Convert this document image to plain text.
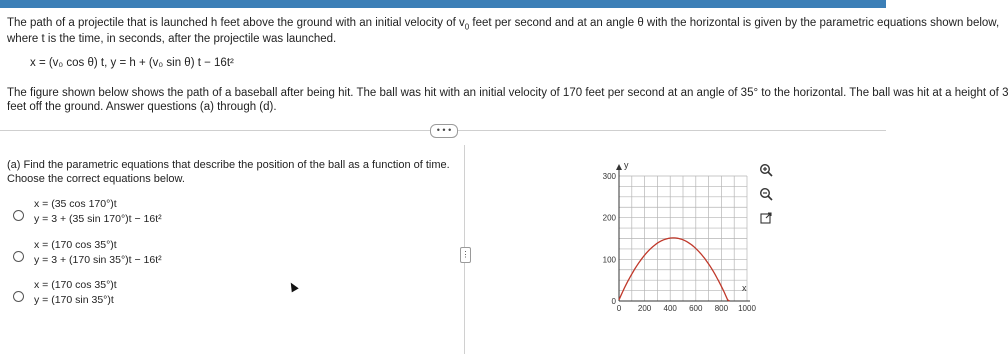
The path of a projectile that is launched h feet above the ground with an initial velocity of $v_0$ feet per second and at an angle θ with the horizontal is given by the parametric equations shown below,
where t is the time, in seconds, after the projectile was launched.
x = (v₀ cos θ) t, y = h + (v₀ sin θ) t − 16t²
The figure shown below shows the path of a baseball after being hit. The ball was hit with an initial velocity of 170 feet per second at an angle of 35° to the horizontal. The ball was hit at a height of 3
feet off the ground. Answer questions (a) through (d).
• • •
(a) Find the parametric equations that describe the position of the ball as a function of time.
Choose the correct equations below.
x = (35 cos 170°)t
y = 3 + (35 sin 170°)t − 16t²
x = (170 cos 35°)t
y = 3 + (170 sin 35°)t − 16t²
x = (170 cos 35°)t
y = (170 sin 35°)t
⋮
y
x
300
200
100
0
0 200 400 600 800 1000
